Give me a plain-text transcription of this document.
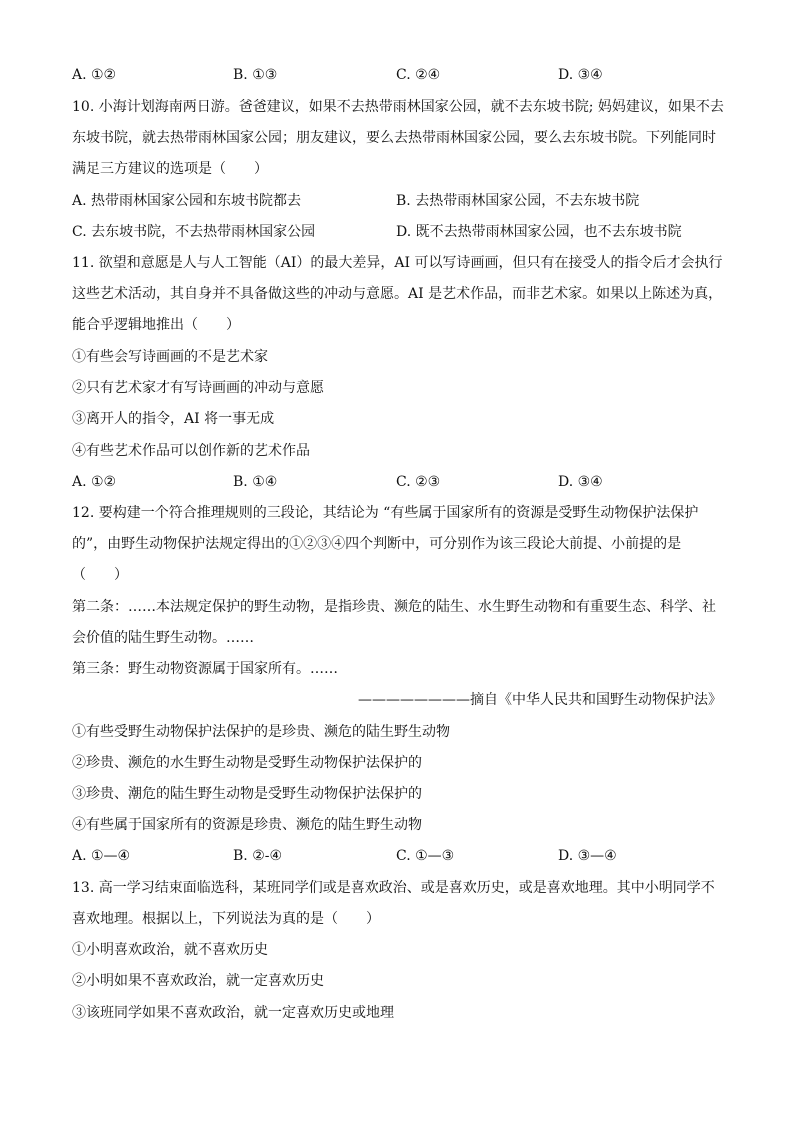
A. ①②	B. ①③	C. ②④	D. ③④
10. 小海计划海南两日游。爸爸建议，如果不去热带雨林国家公园，就不去东坡书院; 妈妈建议，如果不去
东坡书院，就去热带雨林国家公园；朋友建议，要么去热带雨林国家公园，要么去东坡书院。下列能同时
满足三方建议的选项是（　　）
A. 热带雨林国家公园和东坡书院都去	B. 去热带雨林国家公园，不去东坡书院
C. 去东坡书院，不去热带雨林国家公园	D. 既不去热带雨林国家公园，也不去东坡书院
11. 欲望和意愿是人与人工智能（AI）的最大差异，AI 可以写诗画画，但只有在接受人的指令后才会执行
这些艺术活动，其自身并不具备做这些的冲动与意愿。AI 是艺术作品，而非艺术家。如果以上陈述为真，
能合乎逻辑地推出（　　）
①有些会写诗画画的不是艺术家
②只有艺术家才有写诗画画的冲动与意愿
③离开人的指令，AI 将一事无成
④有些艺术作品可以创作新的艺术作品
A. ①②	B. ①④	C. ②③	D. ③④
12. 要构建一个符合推理规则的三段论，其结论为 “有些属于国家所有的资源是受野生动物保护法保护
的”，由野生动物保护法规定得出的①②③④四个判断中，可分别作为该三段论大前提、小前提的是
（　　）
第二条：……本法规定保护的野生动物，是指珍贵、濒危的陆生、水生野生动物和有重要生态、科学、社
会价值的陆生野生动物。……
第三条：野生动物资源属于国家所有。……
————————摘自《中华人民共和国野生动物保护法》
①有些受野生动物保护法保护的是珍贵、濒危的陆生野生动物
②珍贵、濒危的水生野生动物是受野生动物保护法保护的
③珍贵、潮危的陆生野生动物是受野生动物保护法保护的
④有些属于国家所有的资源是珍贵、濒危的陆生野生动物
A. ①—④	B. ②-④	C. ①—③	D. ③—④
13. 高一学习结束面临选科，某班同学们或是喜欢政治、或是喜欢历史，或是喜欢地理。其中小明同学不
喜欢地理。根据以上，下列说法为真的是（　　）
①小明喜欢政治，就不喜欢历史
②小明如果不喜欢政治，就一定喜欢历史
③该班同学如果不喜欢政治，就一定喜欢历史或地理
